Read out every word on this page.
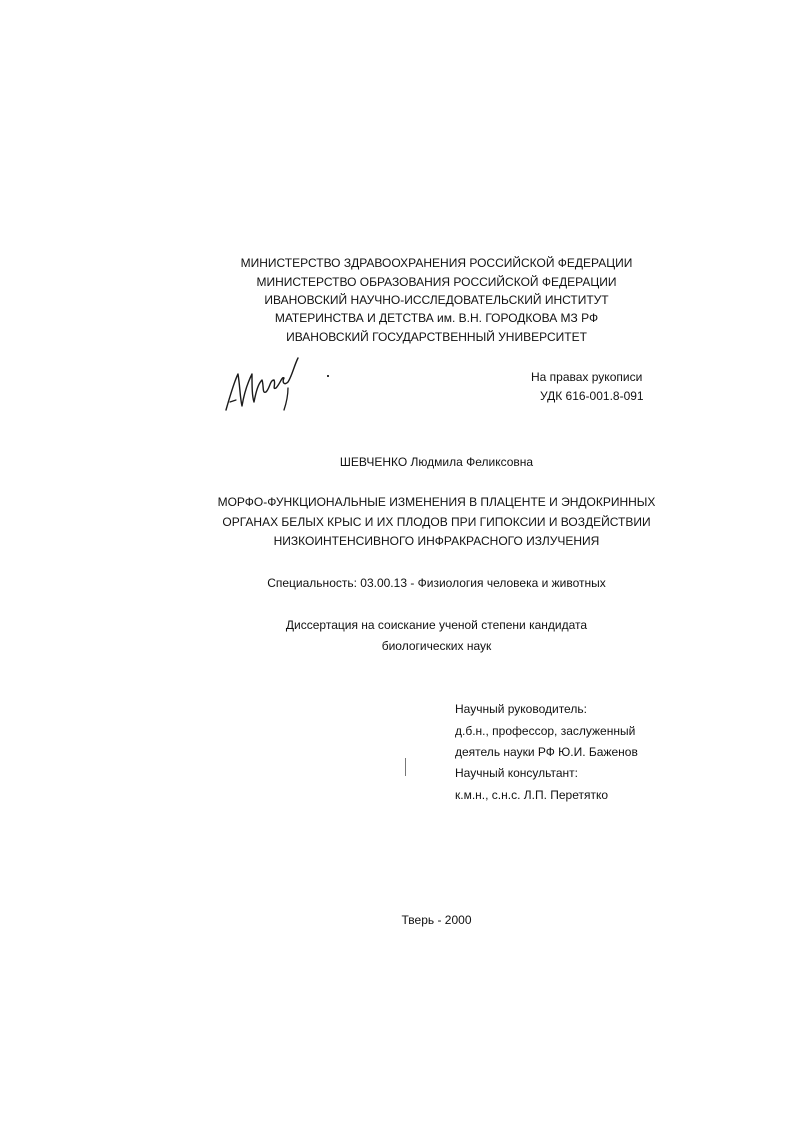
МИНИСТЕРСТВО ЗДРАВООХРАНЕНИЯ РОССИЙСКОЙ ФЕДЕРАЦИИ
МИНИСТЕРСТВО ОБРАЗОВАНИЯ РОССИЙСКОЙ ФЕДЕРАЦИИ
ИВАНОВСКИЙ НАУЧНО-ИССЛЕДОВАТЕЛЬСКИЙ ИНСТИТУТ
МАТЕРИНСТВА И ДЕТСТВА им. В.Н. ГОРОДКОВА МЗ РФ
ИВАНОВСКИЙ ГОСУДАРСТВЕННЫЙ УНИВЕРСИТЕТ
На правах рукописи
УДК 616-001.8-091
ШЕВЧЕНКО Людмила Феликсовна
МОРФО-ФУНКЦИОНАЛЬНЫЕ ИЗМЕНЕНИЯ В ПЛАЦЕНТЕ И ЭНДОКРИННЫХ
ОРГАНАХ БЕЛЫХ КРЫС И ИХ ПЛОДОВ ПРИ ГИПОКСИИ И ВОЗДЕЙСТВИИ
НИЗКОИНТЕНСИВНОГО ИНФРАКРАСНОГО ИЗЛУЧЕНИЯ
Специальность: 03.00.13 - Физиология человека и животных
Диссертация на соискание ученой степени кандидата
биологических наук
Научный руководитель:
д.б.н., профессор, заслуженный
деятель науки РФ Ю.И. Баженов
Научный консультант:
к.м.н., с.н.с. Л.П. Перетятко
Тверь - 2000
